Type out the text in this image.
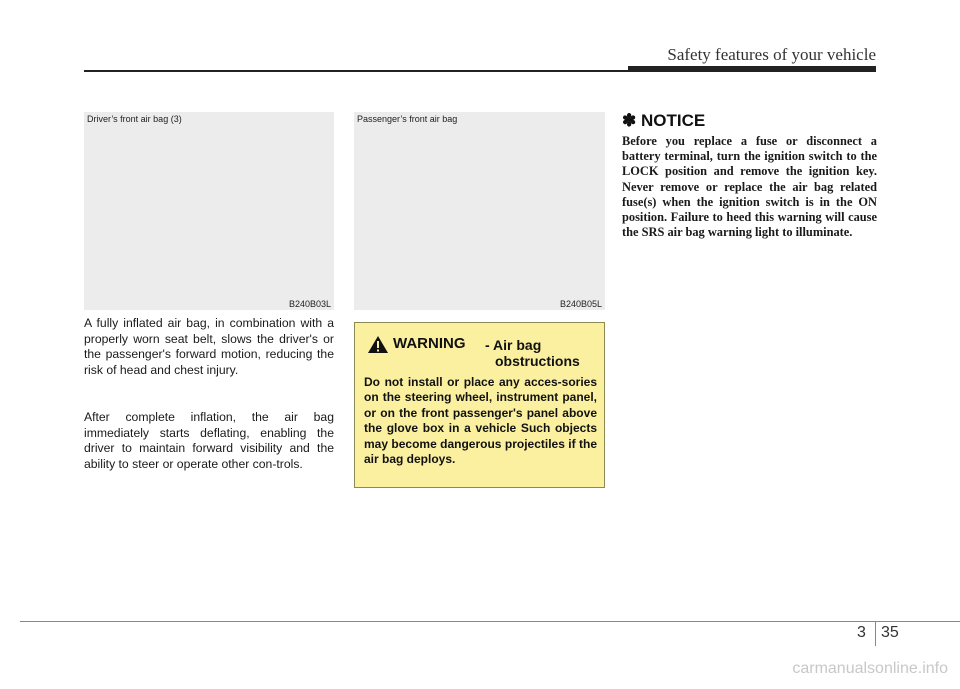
Safety features of your vehicle
Driver’s front air bag (3)
B240B03L
Passenger’s front air bag
B240B05L
A fully inflated air bag, in combination with a properly worn seat belt, slows the driver's or the passenger's forward motion, reducing the risk of head and chest injury.
After complete inflation, the air bag immediately starts deflating, enabling the driver to maintain forward visibility and the ability to steer or operate other con-trols.
WARNING - Air bag
obstructions
Do not install or place any acces-sories on the steering wheel, instrument panel, or on the front passenger's panel above the glove box in a vehicle Such objects may become dangerous projectiles if the air bag deploys.
✽ NOTICE
Before you replace a fuse or disconnect a battery terminal, turn the ignition switch to the LOCK position and remove the ignition key. Never remove or replace the air bag related fuse(s) when the ignition switch is in the ON position. Failure to heed this warning will cause the SRS air bag warning light to illuminate.
3 35
carmanualsonline.info
